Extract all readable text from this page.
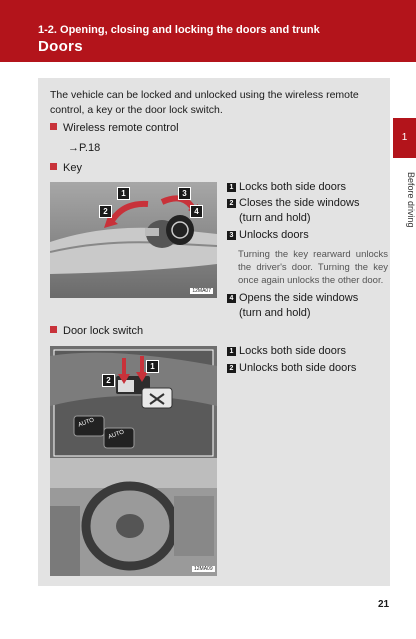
1-2. Opening, closing and locking the doors and trunk
Doors
The vehicle can be locked and unlocked using the wireless remote control, a key or the door lock switch.
Wireless remote control
→P.18
Key
1
2
3
4
12MA07
1 Locks both side doors
2 Closes the side windows
(turn and hold)
3 Unlocks doors
Turning the key rearward unlocks the driver's door. Turning the key once again unlocks the other door.
4 Opens the side windows
(turn and hold)
Door lock switch
1
2
AUTO
AUTO
12MA09
1 Locks both side doors
2 Unlocks both side doors
1
Before driving
21
